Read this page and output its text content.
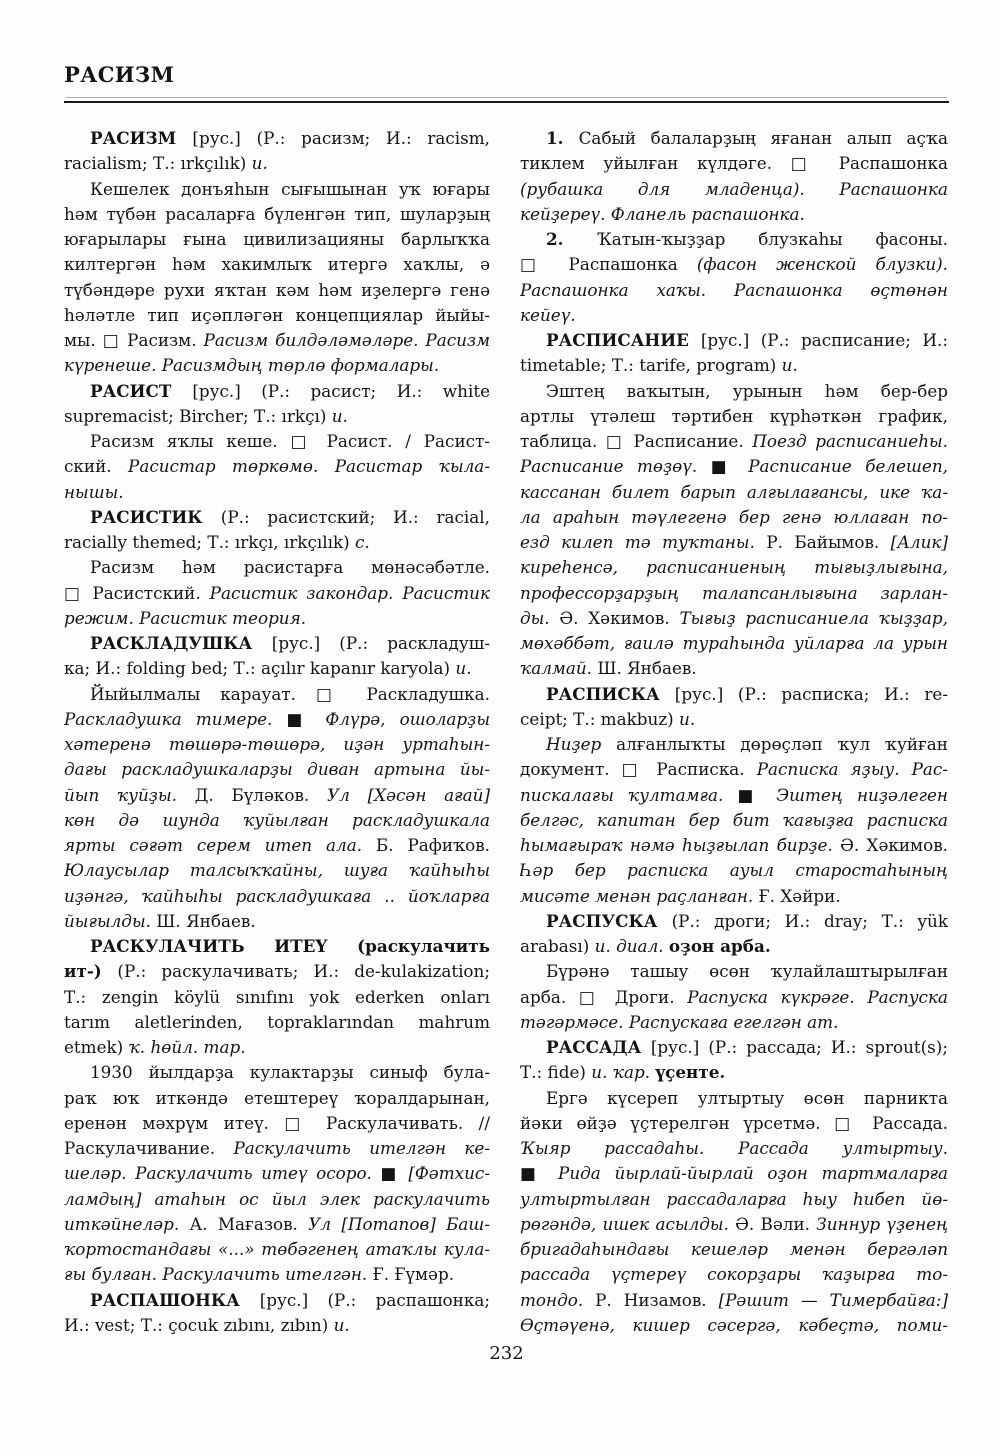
РАСИЗМ
РАСИЗМ [рус.] (Р.: расизм; И.: racism,
racialism; Т.: ırkçılık) и.
Кешелек донъяһын сығышынан уҡ юғары
һәм түбән расаларға бүленгән тип, шуларҙың
юғарылары ғына цивилизацияны барлыҡҡа
килтергән һәм хакимлыҡ итергә хаҡлы, ә
түбәндәре рухи яҡтан кәм һәм иҙелергә генә
һәләтле тип иҫәпләгән концепциялар йыйы-
мы. □ Расизм. Расизм билдәләмәләре. Расизм
күренеше. Расизмдың төрлө формалары.
РАСИСТ [рус.] (Р.: расист; И.: white
supremacist; Bircher; Т.: ırkçı) и.
Расизм яҡлы кеше. □ Расист. / Расист-
ский. Расистар төркөмө. Расистар ҡыла-
нышы.
РАСИСТИК (Р.: расистский; И.: racial,
racially themed; Т.: ırkçı, ırkçılık) с.
Расизм һәм расистарға мөнәсәбәтле.
□ Расистский. Расистик закондар. Расистик
режим. Расистик теория.
РАСКЛАДУШКА [рус.] (Р.: раскладуш-
ка; И.: folding bed; Т.: açılır kapanır karyola) и.
Йыйылмалы карауат. □ Раскладушка.
Раскладушка тимере. ■ Флүрә, ошоларҙы
хәтеренә төшөрә-төшөрә, иҙән уртаһын-
дағы раскладушкаларҙы диван артына йы-
йып ҡуйҙы. Д. Бүләков. Ул [Хәсән ағай]
көн дә шунда ҡуйылған раскладушкала
ярты сәғәт серем итеп ала. Б. Рафиҡов.
Юлаусылар талсыҡҡайны, шуға ҡайһыһы
иҙәнгә, ҡайһыһы раскладушкаға .. йоҡларға
йығылды. Ш. Янбаев.
РАСКУЛАЧИТЬ ИТЕҮ (раскулачить
ит-) (Р.: раскулачивать; И.: de-kulakization;
Т.: zengin köylü sınıfını yok ederken onları
tarım aletlerinden, topraklarından mahrum
etmek) ҡ. һөйл. тар.
1930 йылдарҙа кулактарҙы синыф була-
раҡ юҡ иткәндә етештереү ҡоралдарынан,
еренән мәхрүм итеү. □ Раскулачивать. //
Раскулачивание. Раскулачить ителгән ке-
шеләр. Раскулачить итеү осоро. ■ [Фәтхис-
ламдың] атаһын ос йыл элек раскулачить
иткәйнеләр. А. Мағазов. Ул [Потапов] Баш-
ҡортостандағы «...» төбәгенең атаҡлы кула-
ғы булған. Раскулачить ителгән. Ғ. Ғүмәр.
РАСПАШОНКА [рус.] (Р.: распашонка;
И.: vest; Т.: çocuk zıbını, zıbın) и.
1. Сабый балаларҙың яғанан алып аҫҡа
тиклем уйылған күлдәге. □ Распашонка
(рубашка для младенца). Распашонка
кейҙереү. Фланель распашонка.
2. Ҡатын-ҡыҙҙар блузкаһы фасоны.
□ Распашонка (фасон женской блузки).
Распашонка хаҡы. Распашонка өҫтөнән
кейеү.
РАСПИСАНИЕ [рус.] (Р.: расписание; И.:
timetable; Т.: tarife, program) и.
Эштең ваҡытын, урынын һәм бер-бер
артлы үтәлеш тәртибен күрһәткән график,
таблица. □ Расписание. Поезд расписаниеһы.
Расписание төҙөү. ■ Расписание белешеп,
кассанан билет барып алғылағансы, ике ҡа-
ла араһын тәүлегенә бер генә юллаған по-
езд килеп тә туҡтаны. Р. Байымов. [Алик]
киреһенсә, расписаниеның тығыҙлығына,
профессорҙарҙың талапсанлығына зарлан-
ды. Ә. Хәкимов. Тығыҙ расписаниела ҡыҙҙар,
мөхәббәт, ғаилә тураһында уйларға ла урын
ҡалмай. Ш. Янбаев.
РАСПИСКА [рус.] (Р.: расписка; И.: re-
ceipt; Т.: makbuz) и.
Ниҙер алғанлыҡты дөрөҫләп ҡул ҡуйған
документ. □ Расписка. Расписка яҙыу. Рас-
пискалағы ҡултамға. ■ Эштең ниҙәлеген
белгәс, капитан бер бит ҡағыҙға расписка
һымағыраҡ нәмә һыҙғылап бирҙе. Ә. Хәкимов.
Һәр бер расписка ауыл старостаһының
мисәте менән раҫланған. Ғ. Хәйри.
РАСПУСКА (Р.: дроги; И.: dray; Т.: yük
arabası) и. диал. оҙон арба.
Бүрәнә ташыу өсөн ҡулайлаштырылған
арба. □ Дроги. Распуска күкрәге. Распуска
тәгәрмәсе. Распускаға егелгән ат.
РАССАДА [рус.] (Р.: рассада; И.: sprout(s);
Т.: fide) и. ҡар. үҫенте.
Ергә күсереп ултыртыу өсөн парникта
йәки өйҙә үҫтерелгән үрсетмә. □ Рассада.
Ҡыяр рассадаһы. Рассада ултыртыу.
■ Рида йырлай-йырлай оҙон тартмаларға
ултыртылған рассадаларға һыу һибеп йө-
рөгәндә, ишек асылды. Ә. Вәли. Зиннур үҙенең
бригадаһындағы кешеләр менән бергәләп
рассада үҫтереү сокорҙары ҡаҙырға то-
тондо. Р. Низамов. [Рәшит — Тимербайға:]
Өҫтәүенә, кишер сәсергә, кәбеҫтә, поми-
232
